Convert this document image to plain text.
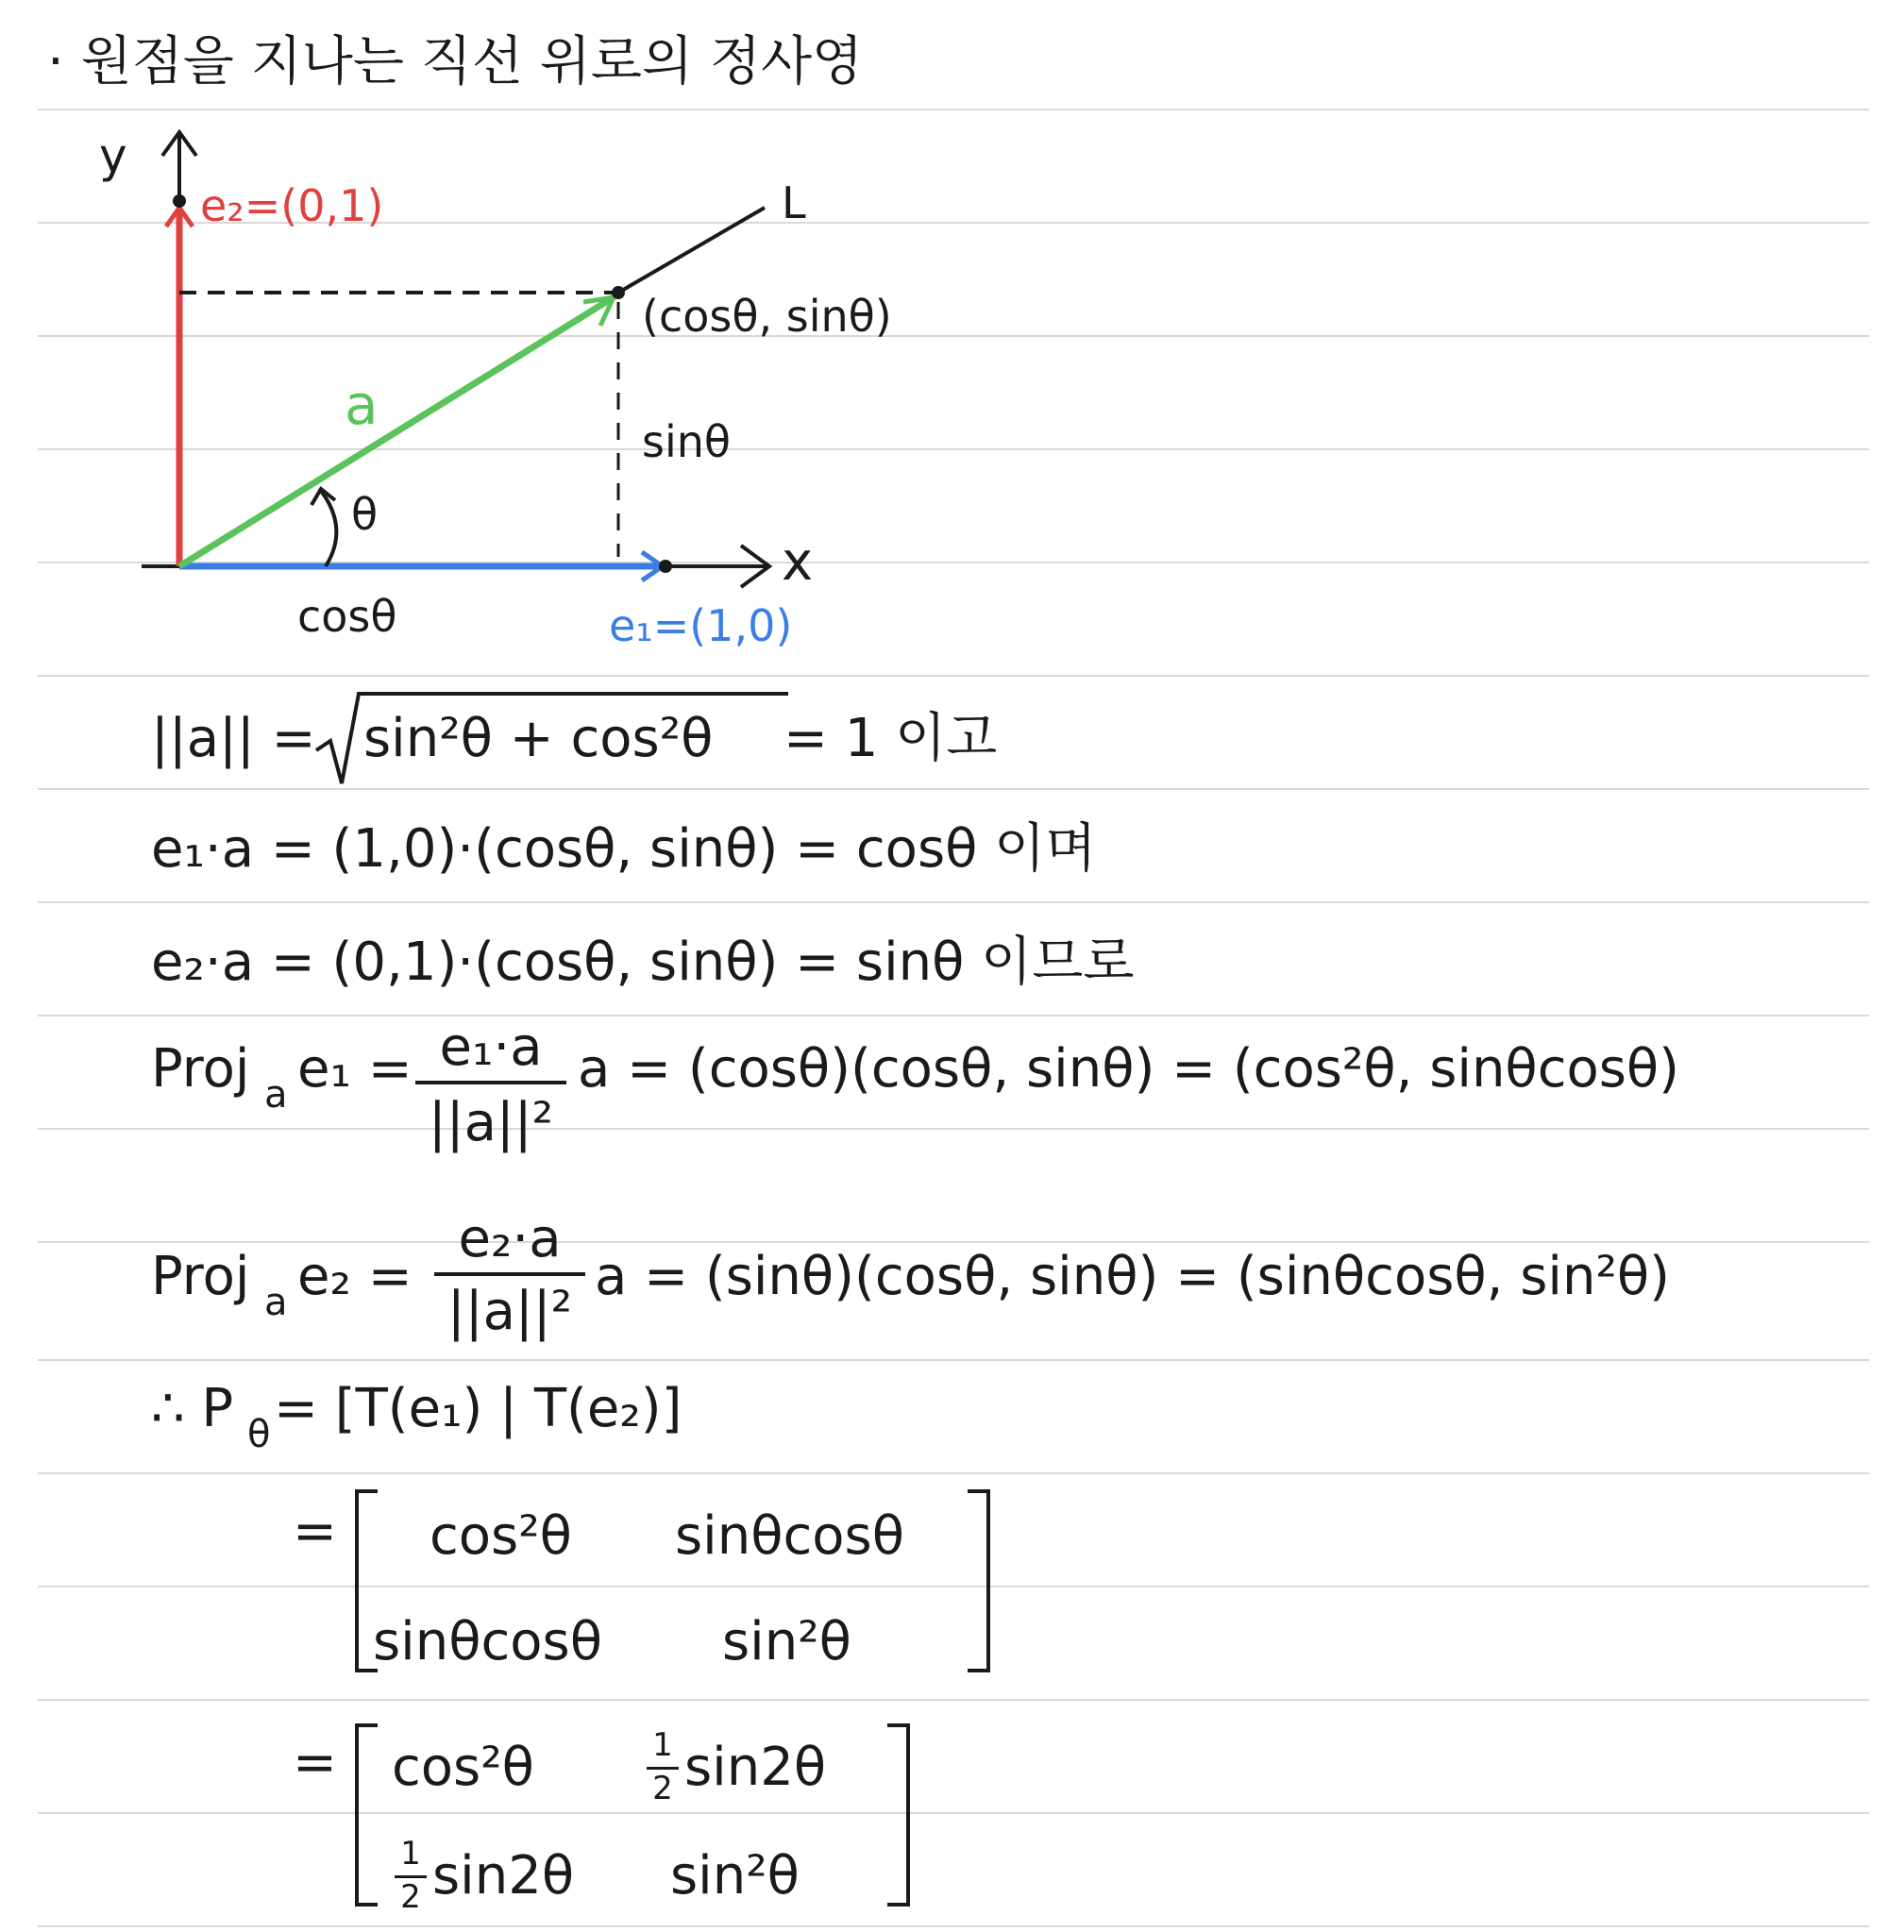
· 원점을 지나는 직선 위로의 정사영
y
x
L
e₂=(0,1)
e₁=(1,0)
a
θ
(cosθ, sinθ)
sinθ
cosθ
||a|| = sin²θ + cos²θ = 1 이고
e₁·a = (1,0)·(cosθ, sinθ) = cosθ 이며
e₂·a = (0,1)·(cosθ, sinθ) = sinθ 이므로
Proj a e₁ = e₁·a
||a||²
a = (cosθ)(cosθ, sinθ) = (cos²θ, sinθcosθ)
e₂·a
||a||²
Proj a e₂ =	a = (sinθ)(cosθ, sinθ) = (sinθcosθ, sin²θ)
∴ P θ = [T(e₁) | T(e₂)]
= cos²θ sinθcosθ
sinθcosθ sin²θ
= cos²θ	1
2 sin2θ
1
2 sin2θ sin²θ
